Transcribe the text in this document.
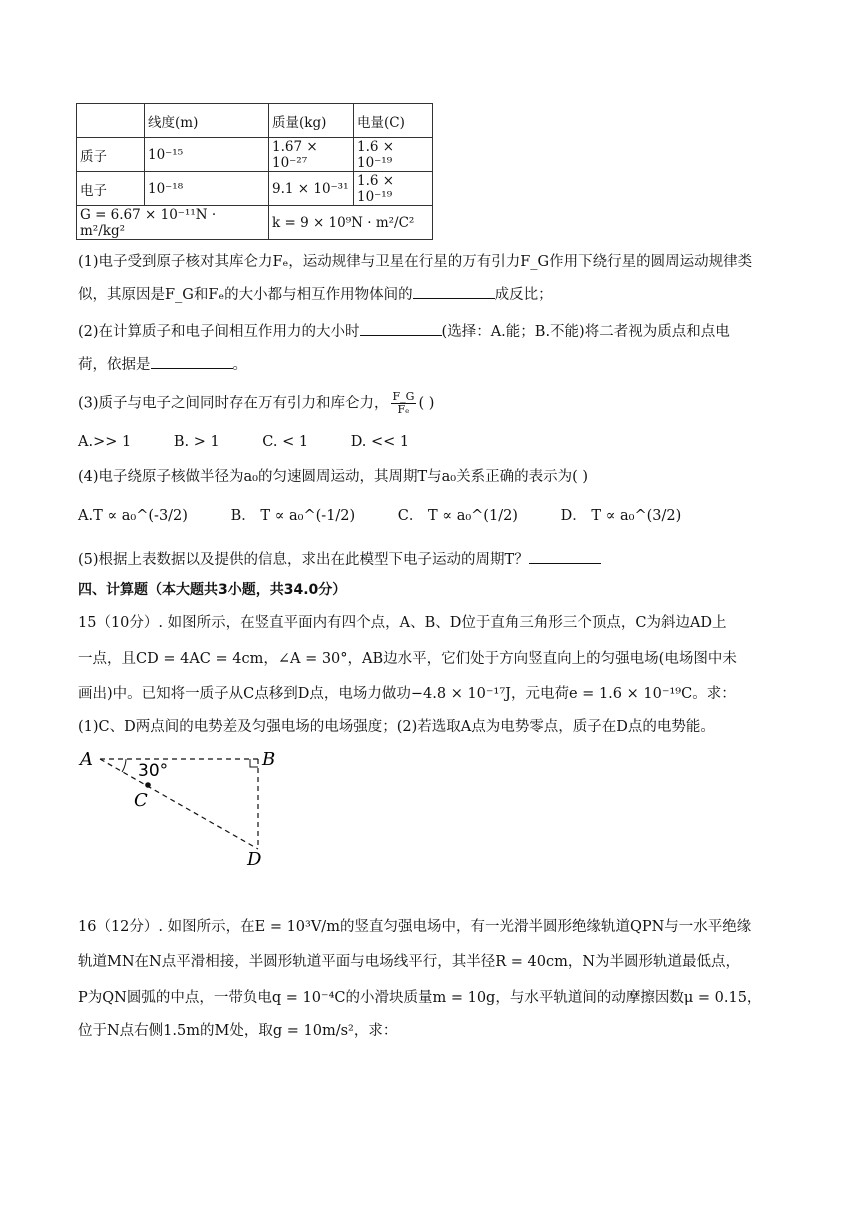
	线度(m)	质量(kg)	电量(C)
质子	10⁻¹⁵	1.67 × 10⁻²⁷	1.6 × 10⁻¹⁹
电子	10⁻¹⁸	9.1 × 10⁻³¹	1.6 × 10⁻¹⁹
G = 6.67 × 10⁻¹¹N · m²/kg²		k = 9 × 10⁹N · m²/C²	
(1)电子受到原子核对其库仑力Fₑ，运动规律与卫星在行星的万有引力F_G作用下绕行星的圆周运动规律类
似，其原因是F_G和Fₑ的大小都与相互作用物体间的	成反比；
(2)在计算质子和电子间相互作用力的大小时	(选择：A.能；B.不能)将二者视为质点和点电
荷，依据是	。
(3)质子与电子之间同时存在万有引力和库仑力， $\frac{F\_G}{\text{Fₑ}}$ ( )
A.>> 1	B. > 1	C. < 1	D. << 1
(4)电子绕原子核做半径为a₀的匀速圆周运动，其周期T与a₀关系正确的表示为( )
A.T ∝ a₀^(-3/2)	B． T ∝ a₀^(-1/2)	C． T ∝ a₀^(1/2)	D． T ∝ a₀^(3/2)
(5)根据上表数据以及提供的信息，求出在此模型下电子运动的周期T？
四、计算题（本大题共3小题，共34.0分）
15（10分）. 如图所示，在竖直平面内有四个点，A、B、D位于直角三角形三个顶点，C为斜边AD上
一点，且CD = 4AC = 4cm，∠A = 30°，AB边水平，它们处于方向竖直向上的匀强电场(电场图中未
画出)中。已知将一质子从C点移到D点，电场力做功−4.8 × 10⁻¹⁷J，元电荷e = 1.6 × 10⁻¹⁹C。求：
(1)C、D两点间的电势差及匀强电场的电场强度；(2)若选取A点为电势零点，质子在D点的电势能。
A	B
C
D
30°
16（12分）. 如图所示，在E = 10³V/m的竖直匀强电场中，有一光滑半圆形绝缘轨道QPN与一水平绝缘
轨道MN在N点平滑相接，半圆形轨道平面与电场线平行，其半径R = 40cm，N为半圆形轨道最低点，
P为QN圆弧的中点，一带负电q = 10⁻⁴C的小滑块质量m = 10g，与水平轨道间的动摩擦因数μ = 0.15，
位于N点右侧1.5m的M处，取g = 10m/s²，求：
